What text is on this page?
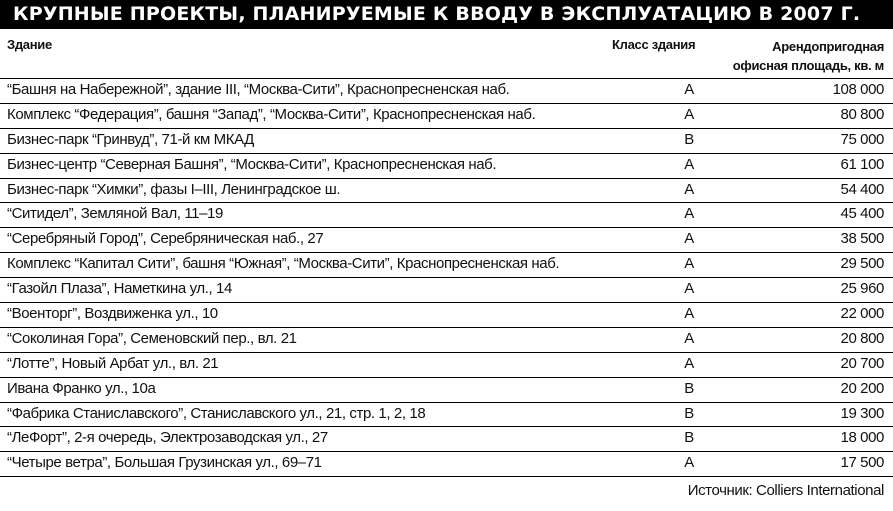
КРУПНЫЕ ПРОЕКТЫ, ПЛАНИРУЕМЫЕ К ВВОДУ В ЭКСПЛУАТАЦИЮ В 2007 Г.
Здание	Класс здания	Арендопригодная
офисная площадь, кв. м
“Башня на Набережной”, здание III, “Москва-Сити”, Краснопресненская наб.	A	108 000
Комплекс “Федерация”, башня “Запад”, “Москва-Сити”, Краснопресненская наб.	A	80 800
Бизнес-парк “Гринвуд”, 71-й км МКАД	B	75 000
Бизнес-центр “Северная Башня”, “Москва-Сити”, Краснопресненская наб.	A	61 100
Бизнес-парк “Химки”, фазы I–III, Ленинградское ш.	A	54 400
“Ситидел”, Земляной Вал, 11–19	A	45 400
“Серебряный Город”, Серебряническая наб., 27	A	38 500
Комплекс “Капитал Сити”, башня “Южная”, “Москва-Сити”, Краснопресненская наб.	A	29 500
“Газойл Плаза”, Наметкина ул., 14	A	25 960
“Военторг”, Воздвиженка ул., 10	A	22 000
“Соколиная Гора”, Семеновский пер., вл. 21	A	20 800
“Лотте”, Новый Арбат ул., вл. 21	A	20 700
Ивана Франко ул., 10а	B	20 200
“Фабрика Станиславского”, Станиславского ул., 21, стр. 1, 2, 18	B	19 300
“ЛеФорт”, 2-я очередь, Электрозаводская ул., 27	B	18 000
“Четыре ветра”, Большая Грузинская ул., 69–71	A	17 500
Источник: Colliers International
